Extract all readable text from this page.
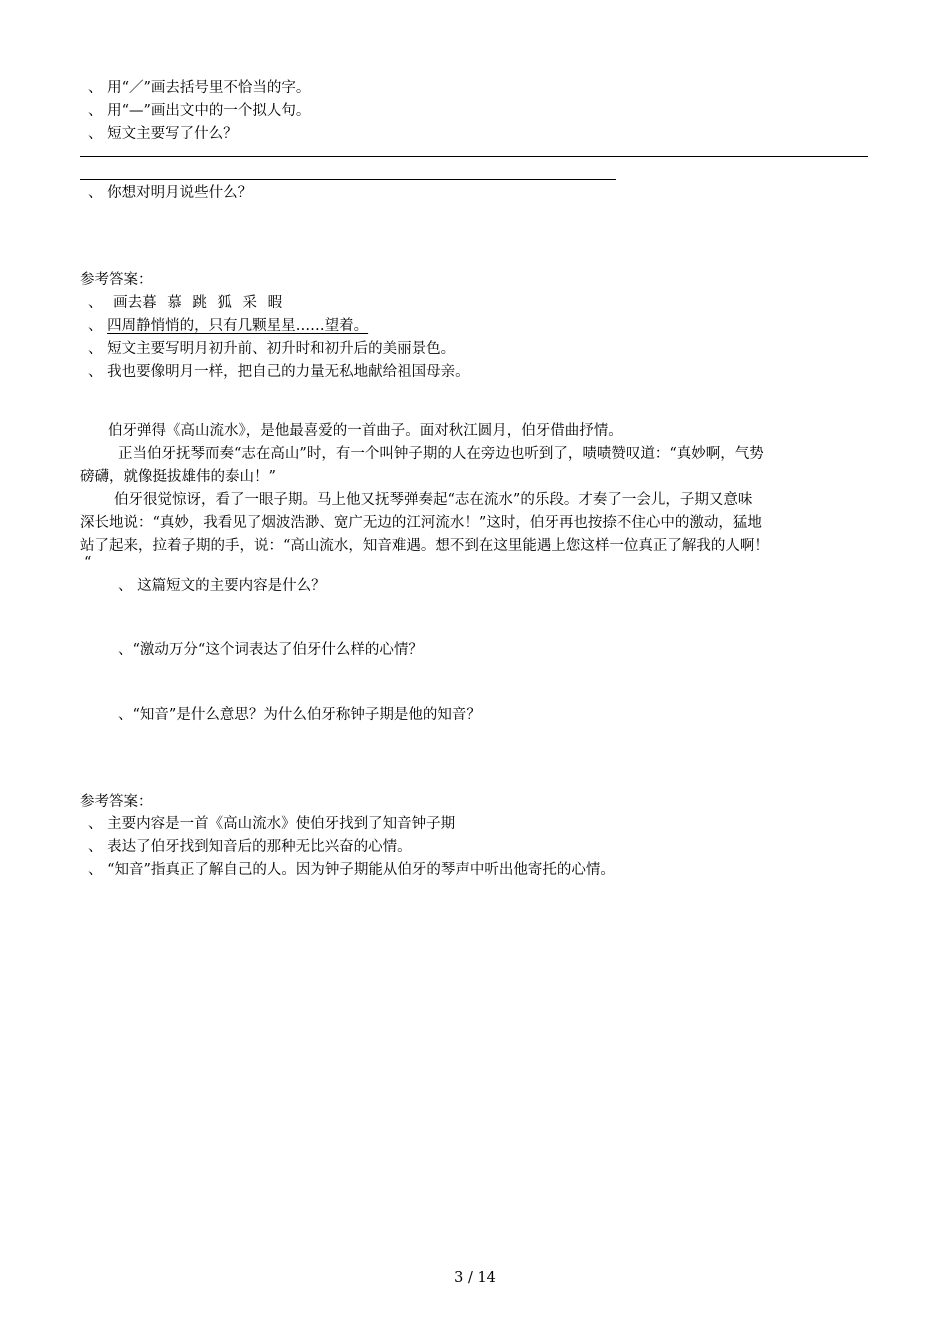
、 用“／”画去括号里不恰当的字。

、 用“—”画出文中的一个拟人句。

、 短文主要写了什么？

、 你想对明月说些什么？

参考答案：

、 画去暮 慕 跳 狐 采 暇

、 四周静悄悄的，只有几颗星星……望着。

、 短文主要写明月初升前、初升时和初升后的美丽景色。

、 我也要像明月一样，把自己的力量无私地献给祖国母亲。

伯牙弹得《高山流水》，是他最喜爱的一首曲子。面对秋江圆月，伯牙借曲抒情。

正当伯牙抚琴而奏“志在高山”时，有一个叫钟子期的人在旁边也听到了，啧啧赞叹道：“真妙啊，气势

磅礴，就像挺拔雄伟的泰山！”

伯牙很觉惊讶，看了一眼子期。马上他又抚琴弹奏起“志在流水”的乐段。才奏了一会儿，子期又意味

深长地说：“真妙，我看见了烟波浩渺、宽广无边的江河流水！”这时，伯牙再也按捺不住心中的激动，猛地

站了起来，拉着子期的手，说：“高山流水，知音难遇。想不到在这里能遇上您这样一位真正了解我的人啊！

“

、 这篇短文的主要内容是什么？

、“激动万分“这个词表达了伯牙什么样的心情？

、“知音”是什么意思？为什么伯牙称钟子期是他的知音？

参考答案：

、 主要内容是一首《高山流水》使伯牙找到了知音钟子期

、 表达了伯牙找到知音后的那种无比兴奋的心情。

、 “知音”指真正了解自己的人。因为钟子期能从伯牙的琴声中听出他寄托的心情。

3 / 14
